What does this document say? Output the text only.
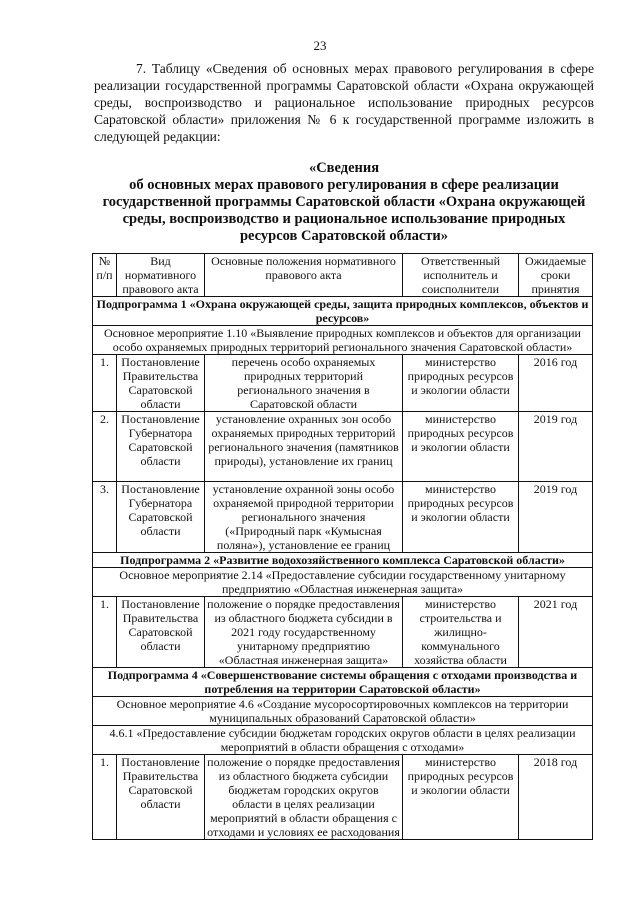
23

7. Таблицу «Сведения об основных мерах правового регулирования в сфере реализации государственной программы Саратовской области «Охрана окружающей среды, воспроизводство и рациональное использование природных ресурсов Саратовской области» приложения № 6 к государственной программе изложить в следующей редакции:

«Сведения
об основных мерах правового регулирования в сфере реализации государственной программы Саратовской области «Охрана окружающей среды, воспроизводство и рациональное использование природных ресурсов Саратовской области»
№ п/п	Вид нормативного правового акта	Основные положения нормативного правового акта	Ответственный исполнитель и соисполнители	Ожидаемые сроки принятия
Подпрограмма 1 «Охрана окружающей среды, защита природных комплексов, объектов и ресурсов»				
Основное мероприятие 1.10 «Выявление природных комплексов и объектов для организации особо охраняемых природных территорий регионального значения Саратовской области»				
1.	Постановление Правительства Саратовской области	перечень особо охраняемых природных территорий регионального значения в Саратовской области	министерство природных ресурсов и экологии области	2016 год
2.	Постановление Губернатора Саратовской области	установление охранных зон особо охраняемых природных территорий регионального значения (памятников природы), установление их границ	министерство природных ресурсов и экологии области	2019 год
3.	Постановление Губернатора Саратовской области	установление охранной зоны особо охраняемой природной территории регионального значения («Природный парк «Кумысная поляна»), установление ее границ	министерство природных ресурсов и экологии области	2019 год
Подпрограмма 2 «Развитие водохозяйственного комплекса Саратовской области»				
Основное мероприятие 2.14 «Предоставление субсидии государственному унитарному предприятию «Областная инженерная защита»				
1.	Постановление Правительства Саратовской области	положение о порядке предоставления из областного бюджета субсидии в 2021 году государственному унитарному предприятию «Областная инженерная защита»	министерство строительства и жилищно-коммунального хозяйства области	2021 год
Подпрограмма 4 «Совершенствование системы обращения с отходами производства и потребления на территории Саратовской области»				
Основное мероприятие 4.6 «Создание мусоросортировочных комплексов на территории муниципальных образований Саратовской области»				
4.6.1 «Предоставление субсидии бюджетам городских округов области в целях реализации мероприятий в области обращения с отходами»				
1.	Постановление Правительства Саратовской области	положение о порядке предоставления из областного бюджета субсидии бюджетам городских округов области в целях реализации мероприятий в области обращения с отходами и условиях ее расходования	министерство природных ресурсов и экологии области	2018 год
